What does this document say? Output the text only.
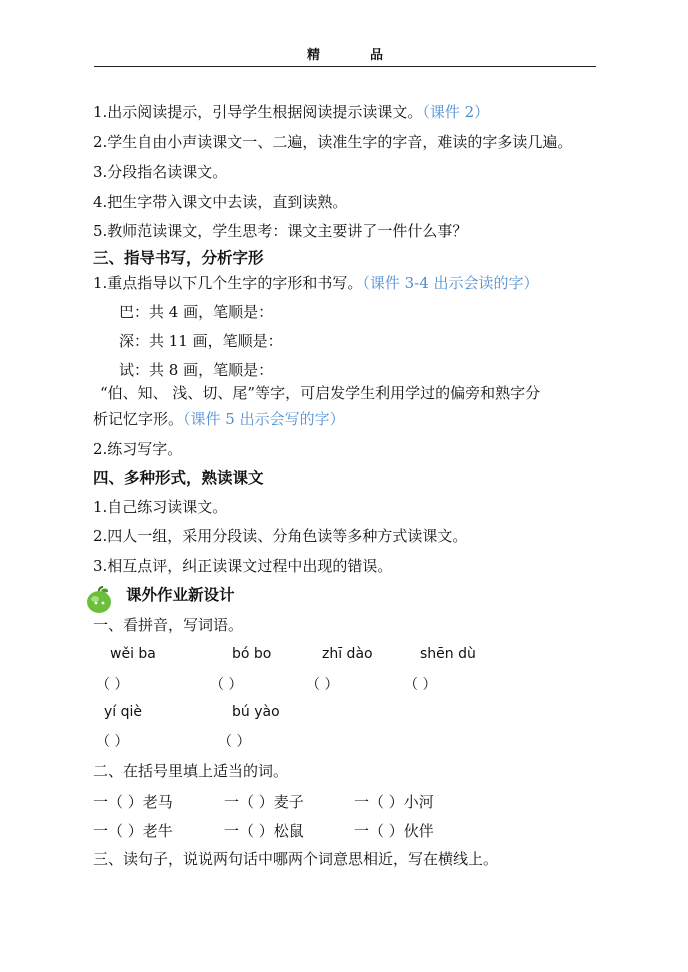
精品
1.出示阅读提示，引导学生根据阅读提示读课文。（课件 2）
2.学生自由小声读课文一、二遍，读准生字的字音，难读的字多读几遍。
3.分段指名读课文。
4.把生字带入课文中去读，直到读熟。
5.教师范读课文，学生思考：课文主要讲了一件什么事？
三、指导书写，分析字形
1.重点指导以下几个生字的字形和书写。（课件 3-4 出示会读的字）
巴：共 4 画，笔顺是：
深：共 11 画，笔顺是：
试：共 8 画，笔顺是：
“伯、知、 浅、切、尾”等字，可启发学生利用学过的偏旁和熟字分
析记忆字形。（课件 5 出示会写的字）
2.练习写字。
四、多种形式，熟读课文
1.自己练习读课文。
2.四人一组，采用分段读、分角色读等多种方式读课文。
3.相互点评，纠正读课文过程中出现的错误。
课外作业新设计
一、看拼音，写词语。
wěi ba	bó bo	zhī dào	shēn dù
（ ）	（ ）	（ ）	（ ）
yí qiè	bú yào
（ ）	（ ）
二、在括号里填上适当的词。
一（ ）老马	一（ ）麦子	一（ ）小河
一（ ）老牛	一（ ）松鼠	一（ ）伙伴
三、读句子，说说两句话中哪两个词意思相近，写在横线上。
